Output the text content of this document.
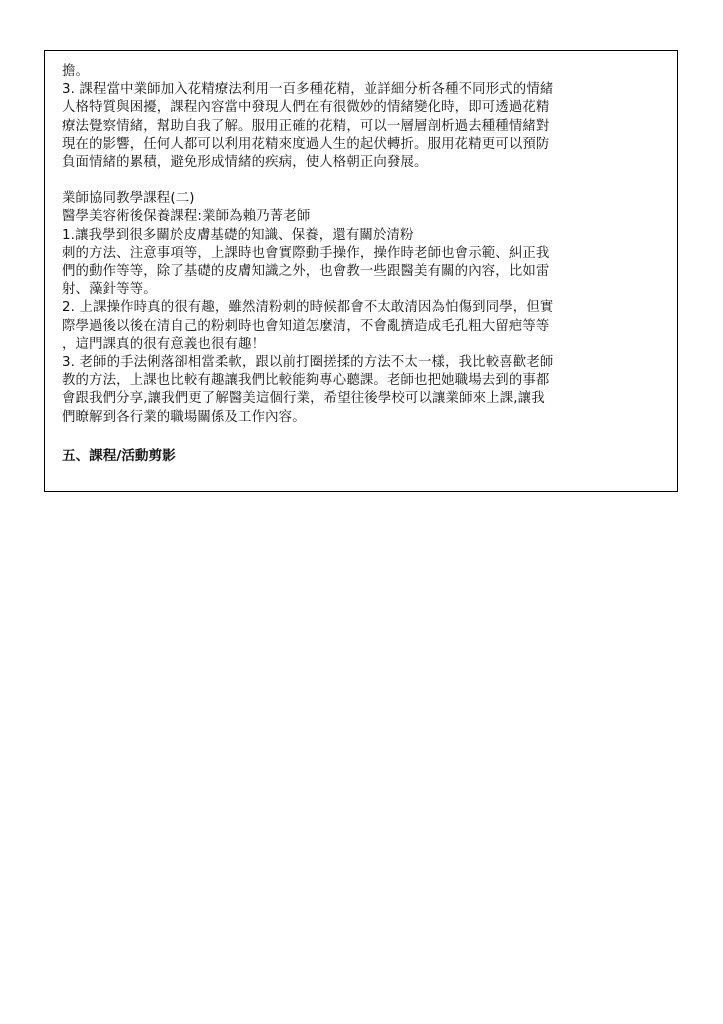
擔。
3. 課程當中業師加入花精療法利用一百多種花精，並詳細分析各種不同形式的情緒
人格特質與困擾，課程內容當中發現人們在有很微妙的情緒變化時，即可透過花精
療法覺察情緒，幫助自我了解。服用正確的花精，可以一層層剖析過去種種情緒對
現在的影響，任何人都可以利用花精來度過人生的起伏轉折。服用花精更可以預防
負面情緒的累積，避免形成情緒的疾病，使人格朝正向發展。
業師協同教學課程(二)
醫學美容術後保養課程:業師為賴乃菁老師
1.讓我學到很多關於皮膚基礎的知識、保養，還有關於清粉
刺的方法、注意事項等，上課時也會實際動手操作，操作時老師也會示範、糾正我
們的動作等等，除了基礎的皮膚知識之外，也會教一些跟醫美有關的內容，比如雷
射、藻針等等。
2. 上課操作時真的很有趣，雖然清粉刺的時候都會不太敢清因為怕傷到同學，但實
際學過後以後在清自己的粉刺時也會知道怎麼清，不會亂擠造成毛孔粗大留疤等等
，這門課真的很有意義也很有趣！
3. 老師的手法俐落卻相當柔軟，跟以前打圈搓揉的方法不太一樣，我比較喜歡老師
教的方法，上課也比較有趣讓我們比較能夠專心聽課。老師也把她職場去到的事都
會跟我們分享,讓我們更了解醫美這個行業，希望往後學校可以讓業師來上課,讓我
們瞭解到各行業的職場關係及工作內容。
五、課程/活動剪影
